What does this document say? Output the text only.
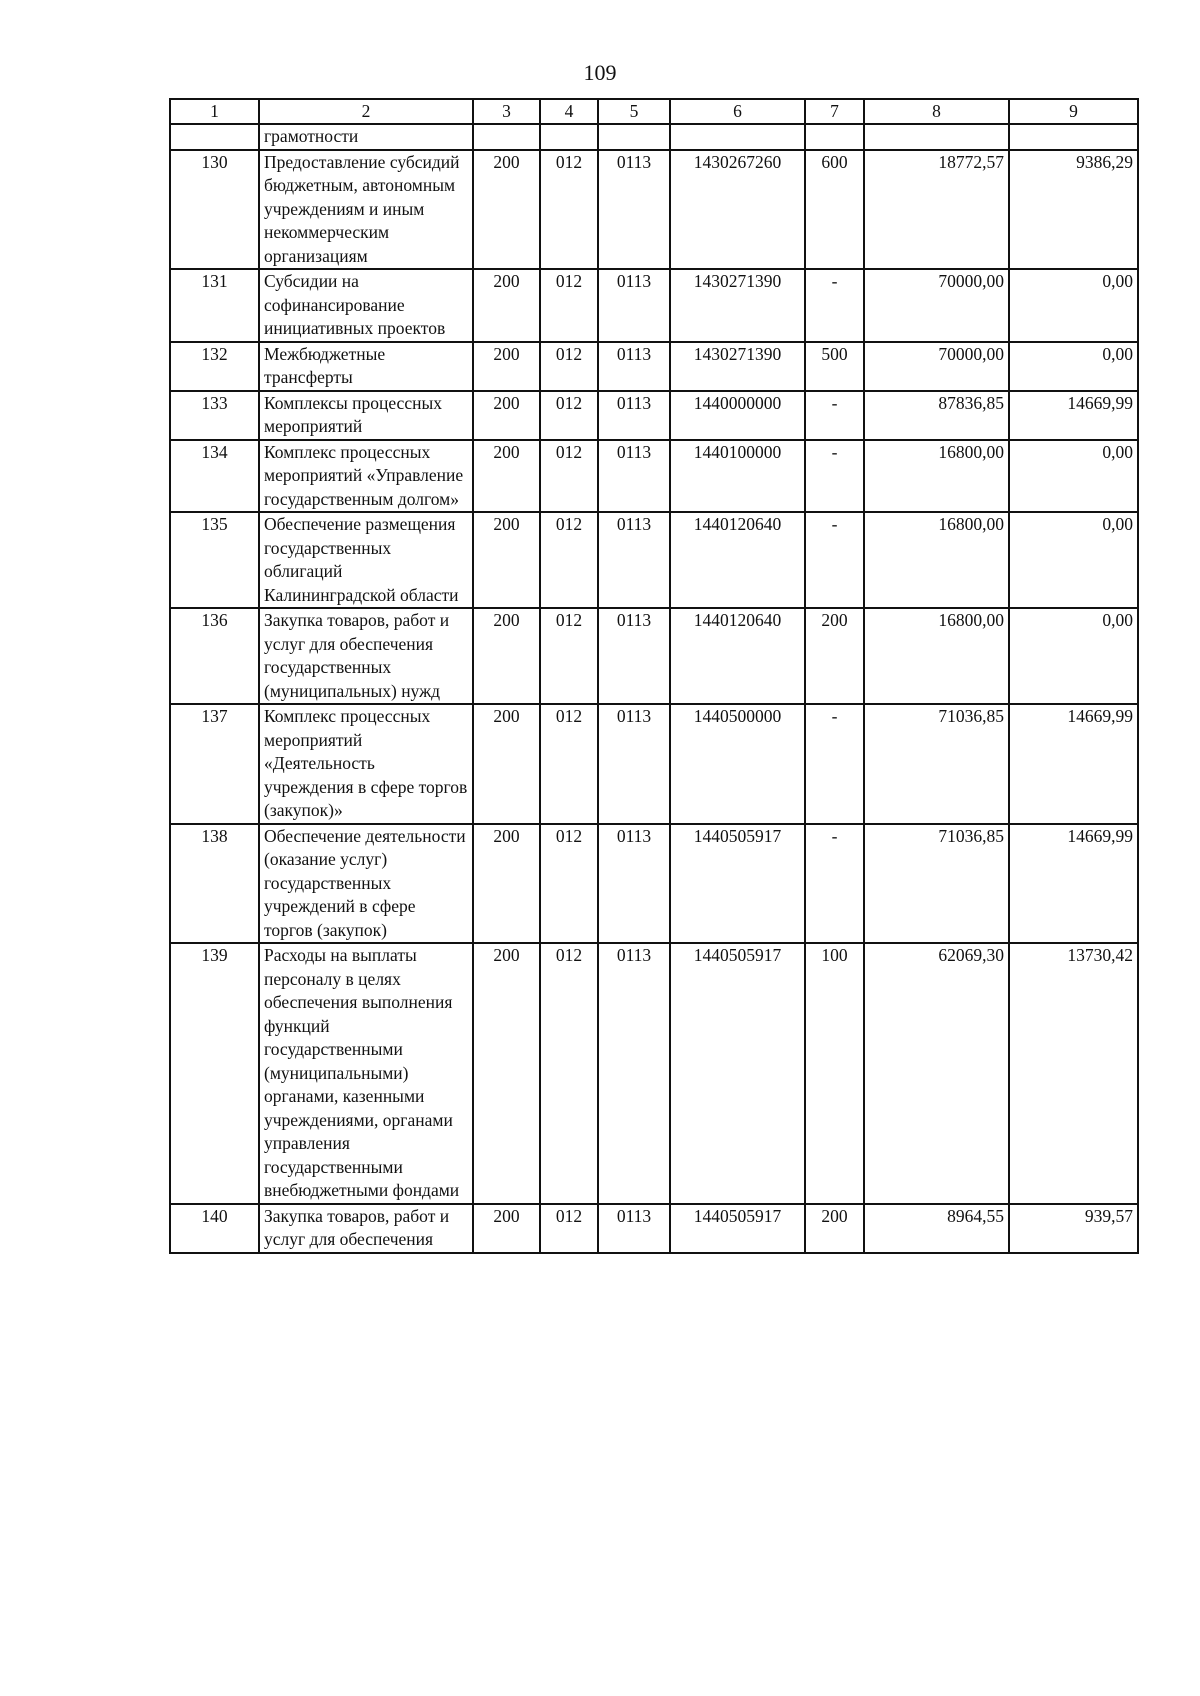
109
1	2	3	4	5	6	7	8	9
	грамотности							
130	Предоставление субсидий бюджетным, автономным учреждениям и иным некоммерческим организациям	200	012	0113	1430267260	600	18772,57	9386,29
131	Субсидии на софинансирование инициативных проектов	200	012	0113	1430271390	-	70000,00	0,00
132	Межбюджетные трансферты	200	012	0113	1430271390	500	70000,00	0,00
133	Комплексы процессных мероприятий	200	012	0113	1440000000	-	87836,85	14669,99
134	Комплекс процессных мероприятий «Управление государственным долгом»	200	012	0113	1440100000	-	16800,00	0,00
135	Обеспечение размещения государственных облигаций Калининградской области	200	012	0113	1440120640	-	16800,00	0,00
136	Закупка товаров, работ и услуг для обеспечения государственных (муниципальных) нужд	200	012	0113	1440120640	200	16800,00	0,00
137	Комплекс процессных мероприятий «Деятельность учреждения в сфере торгов (закупок)»	200	012	0113	1440500000	-	71036,85	14669,99
138	Обеспечение деятельности (оказание услуг) государственных учреждений в сфере торгов (закупок)	200	012	0113	1440505917	-	71036,85	14669,99
139	Расходы на выплаты персоналу в целях обеспечения выполнения функций государственными (муниципальными) органами, казенными учреждениями, органами управления государственными внебюджетными фондами	200	012	0113	1440505917	100	62069,30	13730,42
140	Закупка товаров, работ и услуг для обеспечения	200	012	0113	1440505917	200	8964,55	939,57
